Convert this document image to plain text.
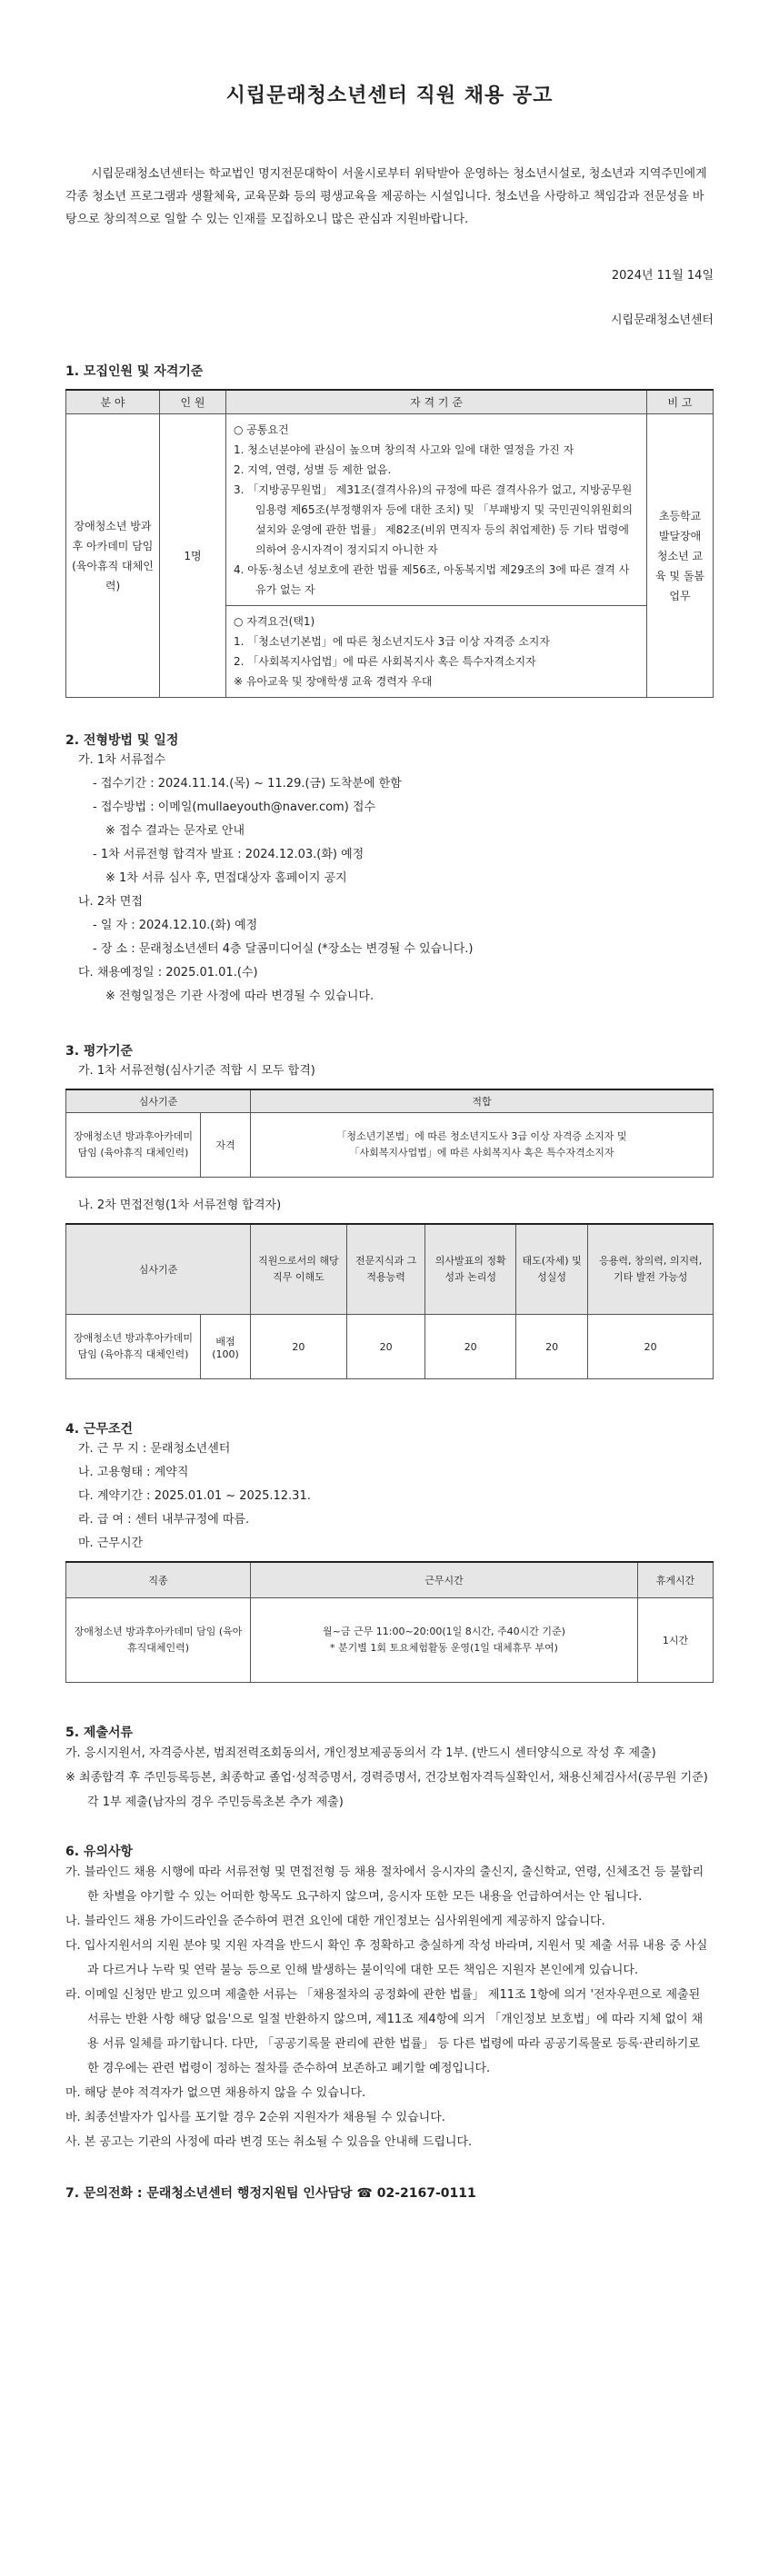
시립문래청소년센터 직원 채용 공고

시립문래청소년센터는 학교법인 명지전문대학이 서울시로부터 위탁받아 운영하는 청소년시설로, 청소년과 지역주민에게 각종 청소년 프로그램과 생활체육, 교육문화 등의 평생교육을 제공하는 시설입니다. 청소년을 사랑하고 책임감과 전문성을 바탕으로 창의적으로 일할 수 있는 인재를 모집하오니 많은 관심과 지원바랍니다.

2024년 11월 14일
시립문래청소년센터

1. 모집인원 및 자격기준

분 야	인 원	자 격 기 준	비 고
장애청소년 방과후 아카데미 담임 (육아휴직 대체인력)	1명	○ 공통요건
1. 청소년분야에 관심이 높으며 창의적 사고와 일에 대한 열정을 가진 자
2. 지역, 연령, 성별 등 제한 없음.
3. 「지방공무원법」 제31조(결격사유)의 규정에 따른 결격사유가 없고, 지방공무원임용령 제65조(부정행위자 등에 대한 조치) 및 「부패방지 및 국민권익위원회의 설치와 운영에 관한 법률」 제82조(비위 면직자 등의 취업제한) 등 기타 법령에 의하여 응시자격이 정지되지 아니한 자
4. 아동·청소년 성보호에 관한 법률 제56조, 아동복지법 제29조의 3에 따른 결격 사유가 없는 자	초등학교 발달장애 청소년 교육 및 돌봄업무

		○ 자격요건(택1)
1. 「청소년기본법」에 따른 청소년지도사 3급 이상 자격증 소지자
2. 「사회복지사업법」에 따른 사회복지사 혹은 특수자격소지자
※ 유아교육 및 장애학생 교육 경력자 우대	

2. 전형방법 및 일정

가. 1차 서류접수

- 접수기간 : 2024.11.14.(목) ~ 11.29.(금) 도착분에 한함

- 접수방법 : 이메일(mullaeyouth@naver.com) 접수

※ 접수 결과는 문자로 안내

- 1차 서류전형 합격자 발표 : 2024.12.03.(화) 예정

※ 1차 서류 심사 후, 면접대상자 홈페이지 공지

나. 2차 면접

- 일 자 : 2024.12.10.(화) 예정

- 장 소 : 문래청소년센터 4층 달콤미디어실 (*장소는 변경될 수 있습니다.)

다. 채용예정일 : 2025.01.01.(수)

※ 전형일정은 기관 사정에 따라 변경될 수 있습니다.

3. 평가기준

가. 1차 서류전형(심사기준 적합 시 모두 합격)

심사기준		적합
장애청소년 방과후아카데미 담임 (육아휴직 대체인력)	자격	「청소년기본법」에 따른 청소년지도사 3급 이상 자격증 소지자 및
「사회복지사업법」에 따른 사회복지사 혹은 특수자격소지자

나. 2차 면접전형(1차 서류전형 합격자)

심사기준		직원으로서의 해당직무 이해도	전문지식과 그 적용능력	의사발표의 정확성과 논리성	태도(자세) 및 성실성	응용력, 창의력, 의지력, 기타 발전 가능성
장애청소년 방과후아카데미 담임 (육아휴직 대체인력)	배점 (100)	20	20	20	20	20

4. 근무조건

가. 근 무 지 : 문래청소년센터

나. 고용형태 : 계약직

다. 계약기간 : 2025.01.01 ~ 2025.12.31.

라. 급 여 : 센터 내부규정에 따름.

마. 근무시간

직종	근무시간	휴게시간
장애청소년 방과후아카데미 담임 (육아휴직대체인력)	월~금 근무 11:00~20:00(1일 8시간, 주40시간 기준)
* 분기별 1회 토요체험활동 운영(1일 대체휴무 부여)	1시간

5. 제출서류

가. 응시지원서, 자격증사본, 범죄전력조회동의서, 개인정보제공동의서 각 1부. (반드시 센터양식으로 작성 후 제출)

※ 최종합격 후 주민등록등본, 최종학교 졸업·성적증명서, 경력증명서, 건강보험자격득실확인서, 채용신체검사서(공무원 기준) 각 1부 제출(남자의 경우 주민등록초본 추가 제출)

6. 유의사항

가. 블라인드 채용 시행에 따라 서류전형 및 면접전형 등 채용 절차에서 응시자의 출신지, 출신학교, 연령, 신체조건 등 불합리한 차별을 야기할 수 있는 어떠한 항목도 요구하지 않으며, 응시자 또한 모든 내용을 언급하여서는 안 됩니다.

나. 블라인드 채용 가이드라인을 준수하여 편견 요인에 대한 개인정보는 심사위원에게 제공하지 않습니다.

다. 입사지원서의 지원 분야 및 지원 자격을 반드시 확인 후 정확하고 충실하게 작성 바라며, 지원서 및 제출 서류 내용 중 사실과 다르거나 누락 및 연락 불능 등으로 인해 발생하는 불이익에 대한 모든 책임은 지원자 본인에게 있습니다.

라. 이메일 신청만 받고 있으며 제출한 서류는 「채용절차의 공정화에 관한 법률」 제11조 1항에 의거 '전자우편으로 제출된 서류는 반환 사항 해당 없음'으로 일절 반환하지 않으며, 제11조 제4항에 의거 「개인정보 보호법」에 따라 지체 없이 채용 서류 일체를 파기합니다. 다만, 「공공기록물 관리에 관한 법률」 등 다른 법령에 따라 공공기록물로 등록·관리하기로 한 경우에는 관련 법령이 정하는 절차를 준수하여 보존하고 폐기할 예정입니다.

마. 해당 분야 적격자가 없으면 채용하지 않을 수 있습니다.

바. 최종선발자가 입사를 포기할 경우 2순위 지원자가 채용될 수 있습니다.

사. 본 공고는 기관의 사정에 따라 변경 또는 취소될 수 있음을 안내해 드립니다.

7. 문의전화 : 문래청소년센터 행정지원팀 인사담당 ☎ 02-2167-0111
